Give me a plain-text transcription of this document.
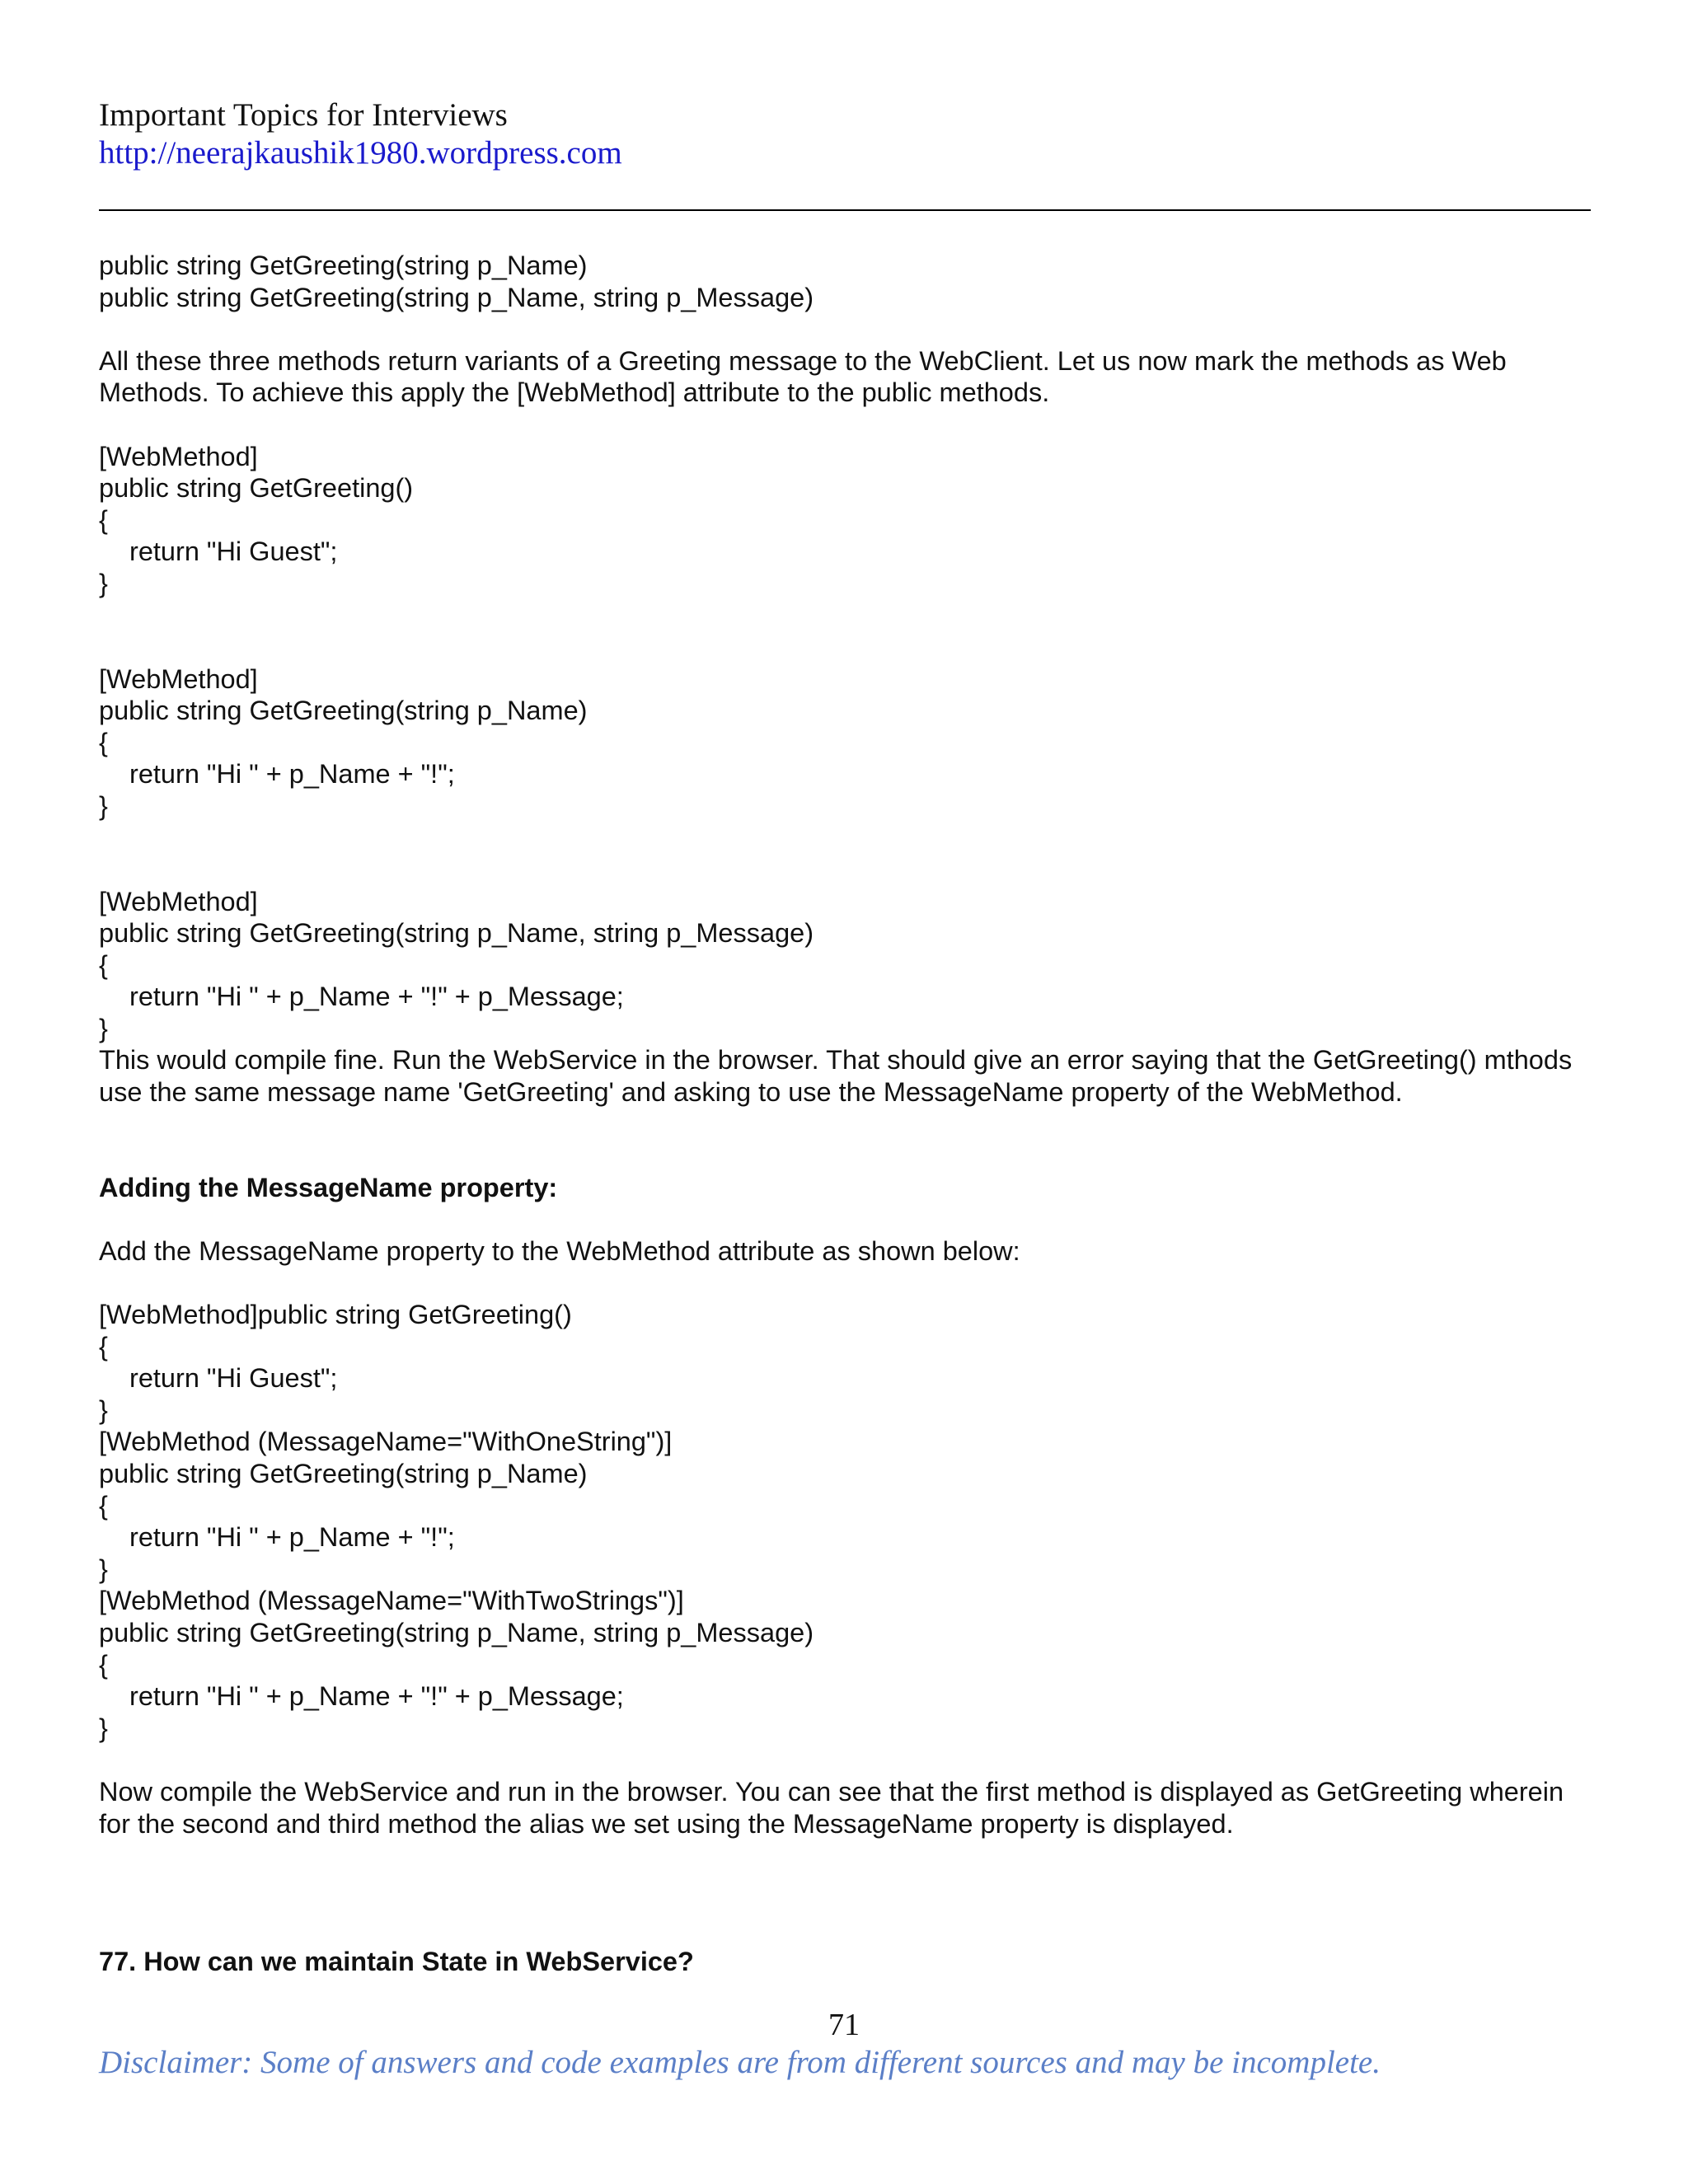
Important Topics for Interviews
http://neerajkaushik1980.wordpress.com
public string GetGreeting(string p_Name)
public string GetGreeting(string p_Name, string p_Message)

All these three methods return variants of a Greeting message to the WebClient. Let us now mark the methods as Web Methods. To achieve this apply the [WebMethod] attribute to the public methods.

[WebMethod]
public string GetGreeting()
{
return "Hi Guest";
}
[WebMethod]
public string GetGreeting(string p_Name)
{
return "Hi " + p_Name + "!";
}
[WebMethod]
public string GetGreeting(string p_Name, string p_Message)
{
return "Hi " + p_Name + "!" + p_Message;
}

This would compile fine. Run the WebService in the browser. That should give an error saying that the GetGreeting() mthods use the same message name 'GetGreeting' and asking to use the MessageName property of the WebMethod.

Adding the MessageName property:

Add the MessageName property to the WebMethod attribute as shown below:

[WebMethod]public string GetGreeting()
{
return "Hi Guest";
}
[WebMethod (MessageName="WithOneString")]
public string GetGreeting(string p_Name)
{
return "Hi " + p_Name + "!";
}
[WebMethod (MessageName="WithTwoStrings")]
public string GetGreeting(string p_Name, string p_Message)
{
return "Hi " + p_Name + "!" + p_Message;
}

Now compile the WebService and run in the browser. You can see that the first method is displayed as GetGreeting wherein for the second and third method the alias we set using the MessageName property is displayed.

77. How can we maintain State in WebService?

71
Disclaimer: Some of answers and code examples are from different sources and may be incomplete.
